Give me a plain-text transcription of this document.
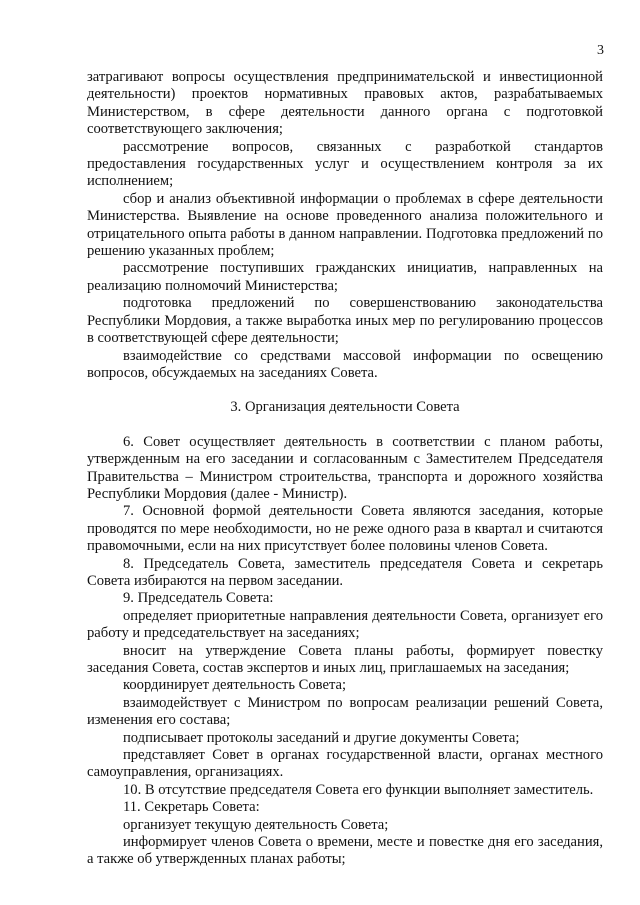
3

затрагивают вопросы осуществления предпринимательской и инвестиционной деятельности) проектов нормативных правовых актов, разрабатываемых Министерством, в сфере деятельности данного органа с подготовкой соответствующего заключения;

рассмотрение вопросов, связанных с разработкой стандартов предоставления государственных услуг и осуществлением контроля за их исполнением;

сбор и анализ объективной информации о проблемах в сфере деятельности Министерства. Выявление на основе проведенного анализа положительного и отрицательного опыта работы в данном направлении. Подготовка предложений по решению указанных проблем;

рассмотрение поступивших гражданских инициатив, направленных на реализацию полномочий Министерства;

подготовка предложений по совершенствованию законодательства Республики Мордовия, а также выработка иных мер по регулированию процессов в соответствующей сфере деятельности;

взаимодействие со средствами массовой информации по освещению вопросов, обсуждаемых на заседаниях Совета.

3. Организация деятельности Совета

6. Совет осуществляет деятельность в соответствии с планом работы, утвержденным на его заседании и согласованным с Заместителем Председателя Правительства – Министром строительства, транспорта и дорожного хозяйства Республики Мордовия (далее - Министр).

7. Основной формой деятельности Совета являются заседания, которые проводятся по мере необходимости, но не реже одного раза в квартал и считаются правомочными, если на них присутствует более половины членов Совета.

8. Председатель Совета, заместитель председателя Совета и секретарь Совета избираются на первом заседании.

9. Председатель Совета:

определяет приоритетные направления деятельности Совета, организует его работу и председательствует на заседаниях;

вносит на утверждение Совета планы работы, формирует повестку заседания Совета, состав экспертов и иных лиц, приглашаемых на заседания;

координирует деятельность Совета;

взаимодействует с Министром по вопросам реализации решений Совета, изменения его состава;

подписывает протоколы заседаний и другие документы Совета;

представляет Совет в органах государственной власти, органах местного самоуправления, организациях.

10. В отсутствие председателя Совета его функции выполняет заместитель.

11. Секретарь Совета:

организует текущую деятельность Совета;

информирует членов Совета о времени, месте и повестке дня его заседания, а также об утвержденных планах работы;
